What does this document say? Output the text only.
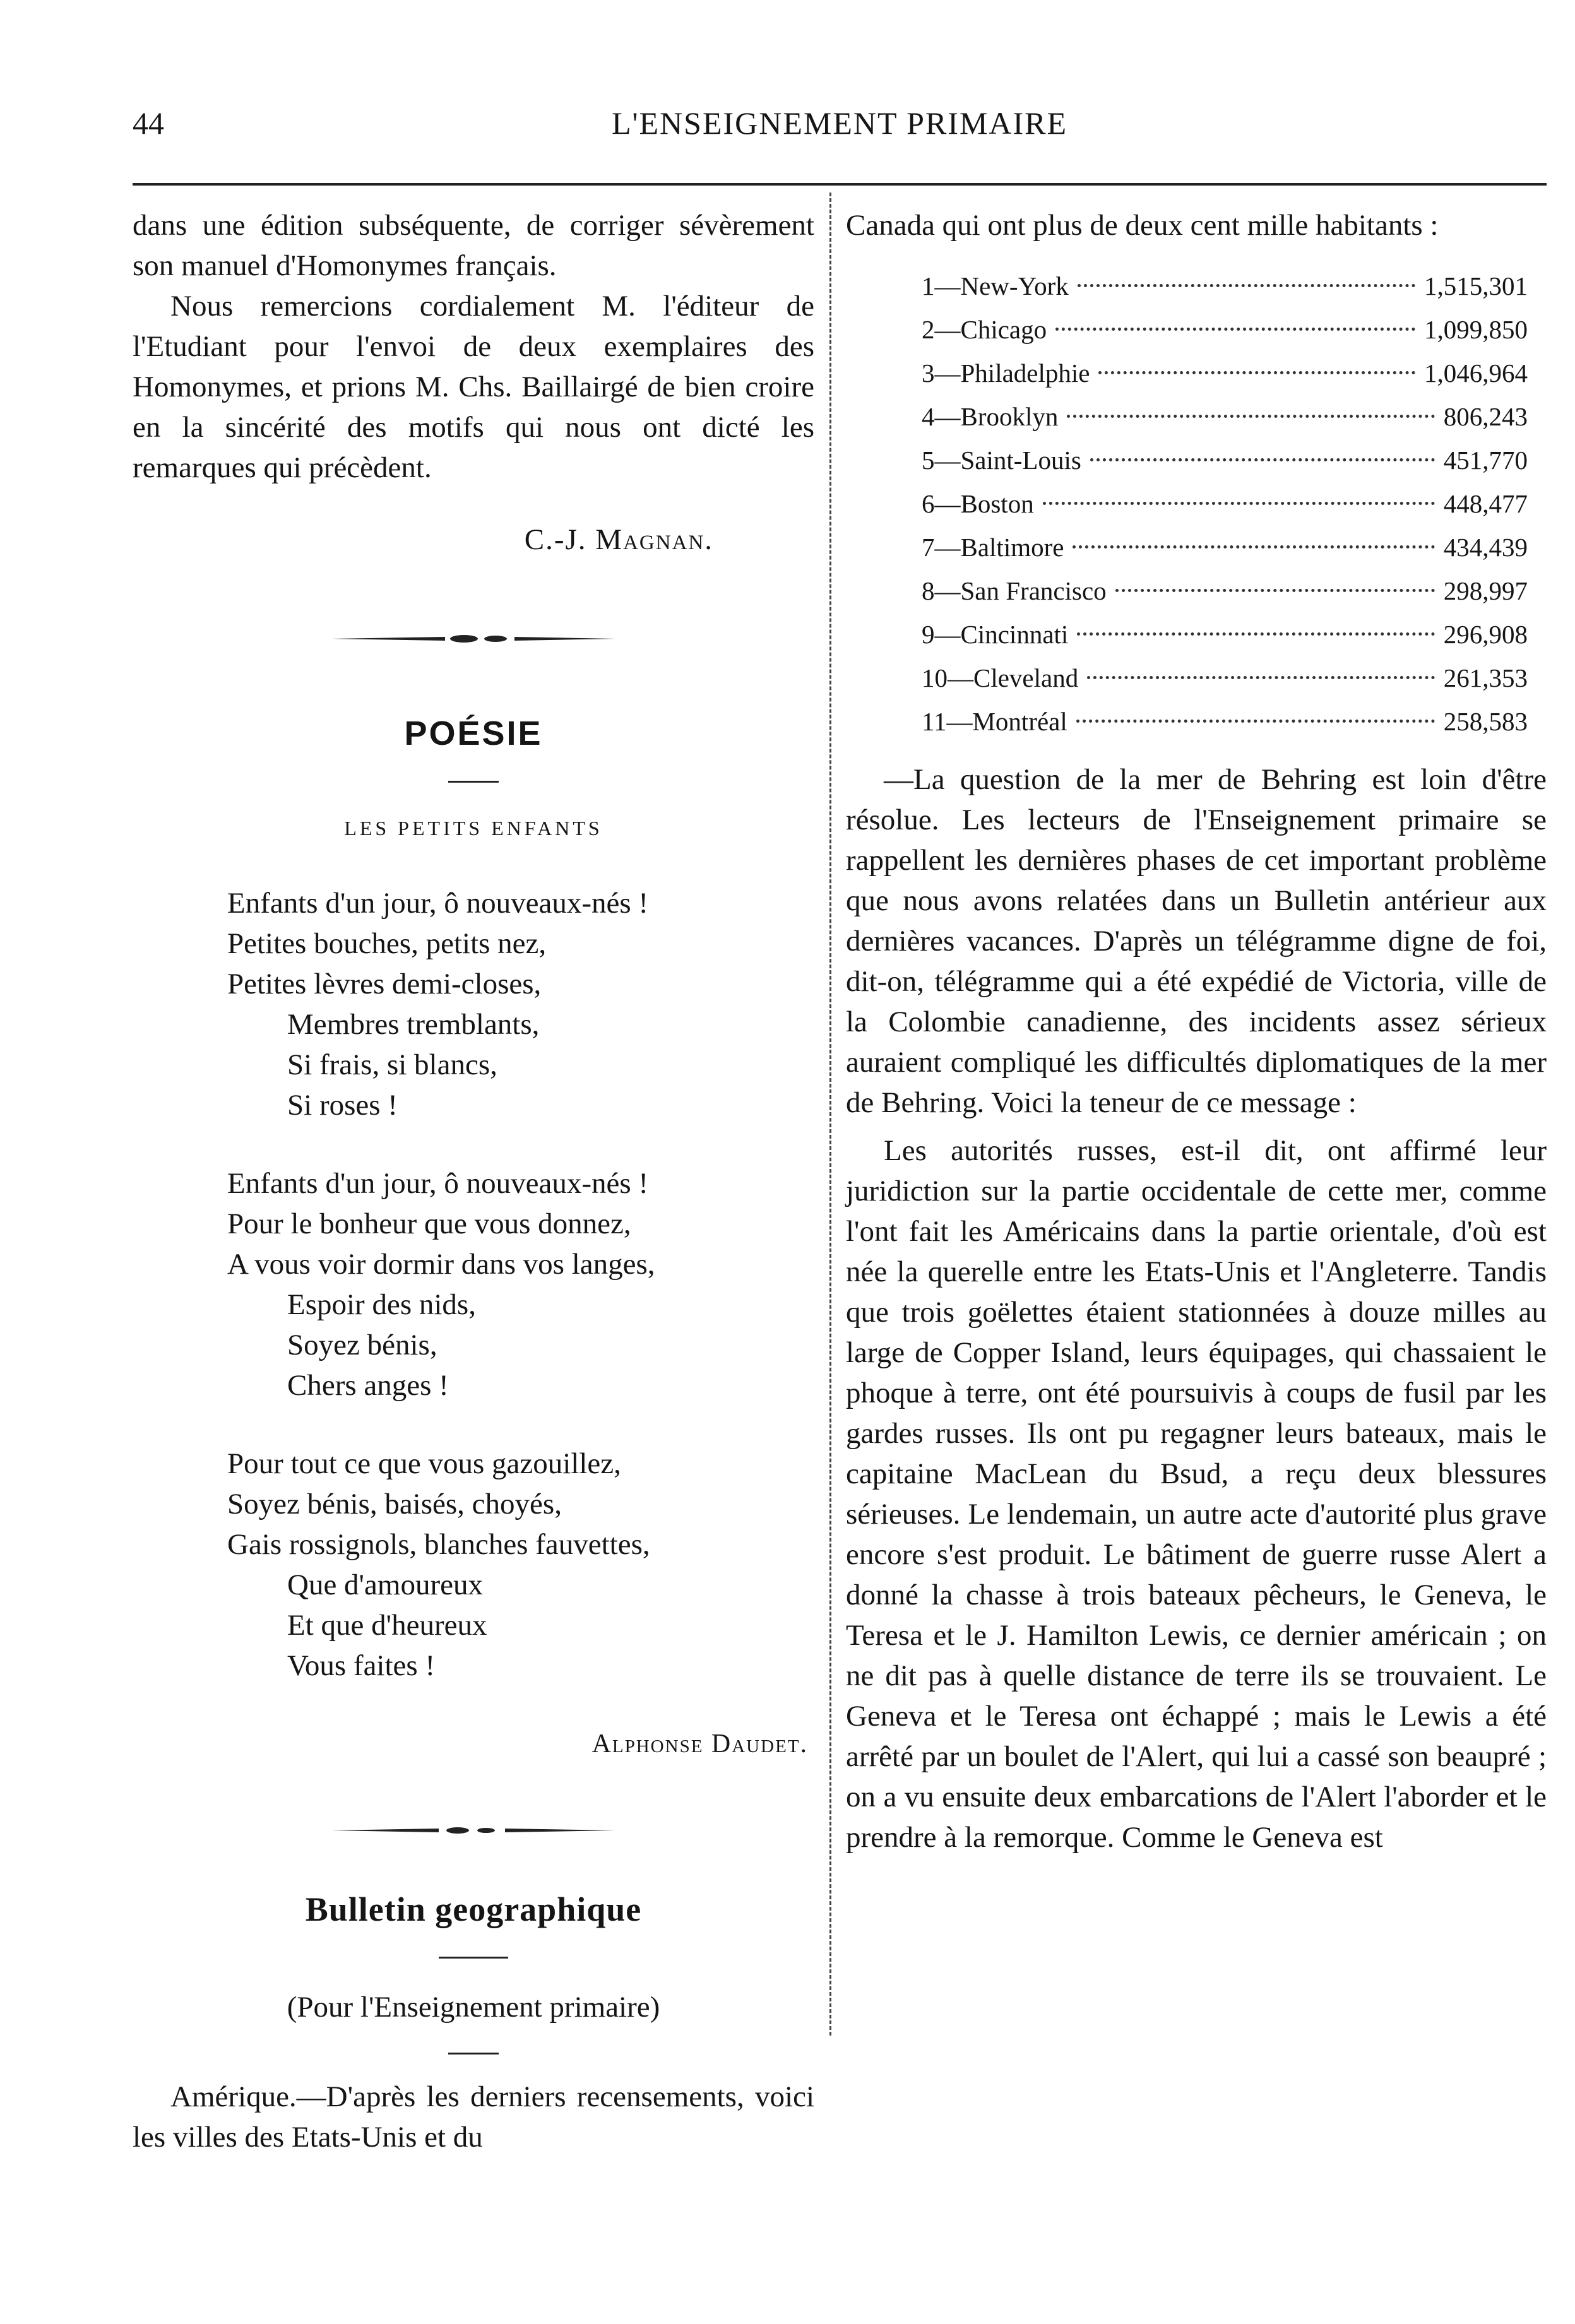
44	L'ENSEIGNEMENT PRIMAIRE

dans une édition subséquente, de corriger sévèrement son manuel d'Homonymes français.

Nous remercions cordialement M. l'éditeur de l'Etudiant pour l'envoi de deux exemplaires des Homonymes, et prions M. Chs. Baillairgé de bien croire en la sincérité des motifs qui nous ont dicté les remarques qui précèdent.

C.-J. Magnan.
POÉSIE
LES PETITS ENFANTS
Enfants d'un jour, ô nouveaux-nés !
Petites bouches, petits nez,
Petites lèvres demi-closes,
Membres tremblants,
Si frais, si blancs,
Si roses !
Enfants d'un jour, ô nouveaux-nés !
Pour le bonheur que vous donnez,
A vous voir dormir dans vos langes,
Espoir des nids,
Soyez bénis,
Chers anges !
Pour tout ce que vous gazouillez,
Soyez bénis, baisés, choyés,
Gais rossignols, blanches fauvettes,
Que d'amoureux
Et que d'heureux
Vous faites !
Alphonse Daudet.
Bulletin geographique
(Pour l'Enseignement primaire)

Amérique.—D'après les derniers recensements, voici les villes des Etats-Unis et du

Canada qui ont plus de deux cent mille habitants :

1—New-York	1,515,301
2—Chicago	1,099,850
3—Philadelphie	1,046,964
4—Brooklyn	806,243
5—Saint-Louis	451,770
6—Boston	448,477
7—Baltimore	434,439
8—San Francisco	298,997
9—Cincinnati	296,908
10—Cleveland	261,353
11—Montréal	258,583

—La question de la mer de Behring est loin d'être résolue. Les lecteurs de l'Enseignement primaire se rappellent les dernières phases de cet important problème que nous avons relatées dans un Bulletin antérieur aux dernières vacances. D'après un télégramme digne de foi, dit-on, télégramme qui a été expédié de Victoria, ville de la Colombie canadienne, des incidents assez sérieux auraient compliqué les difficultés diplomatiques de la mer de Behring. Voici la teneur de ce message :

Les autorités russes, est-il dit, ont affirmé leur juridiction sur la partie occidentale de cette mer, comme l'ont fait les Américains dans la partie orientale, d'où est née la querelle entre les Etats-Unis et l'Angleterre. Tandis que trois goëlettes étaient stationnées à douze milles au large de Copper Island, leurs équipages, qui chassaient le phoque à terre, ont été poursuivis à coups de fusil par les gardes russes. Ils ont pu regagner leurs bateaux, mais le capitaine MacLean du Bsud, a reçu deux blessures sérieuses. Le lendemain, un autre acte d'autorité plus grave encore s'est produit. Le bâtiment de guerre russe Alert a donné la chasse à trois bateaux pêcheurs, le Geneva, le Teresa et le J. Hamilton Lewis, ce dernier américain ; on ne dit pas à quelle distance de terre ils se trouvaient. Le Geneva et le Teresa ont échappé ; mais le Lewis a été arrêté par un boulet de l'Alert, qui lui a cassé son beaupré ; on a vu ensuite deux embarcations de l'Alert l'aborder et le prendre à la remorque. Comme le Geneva est
